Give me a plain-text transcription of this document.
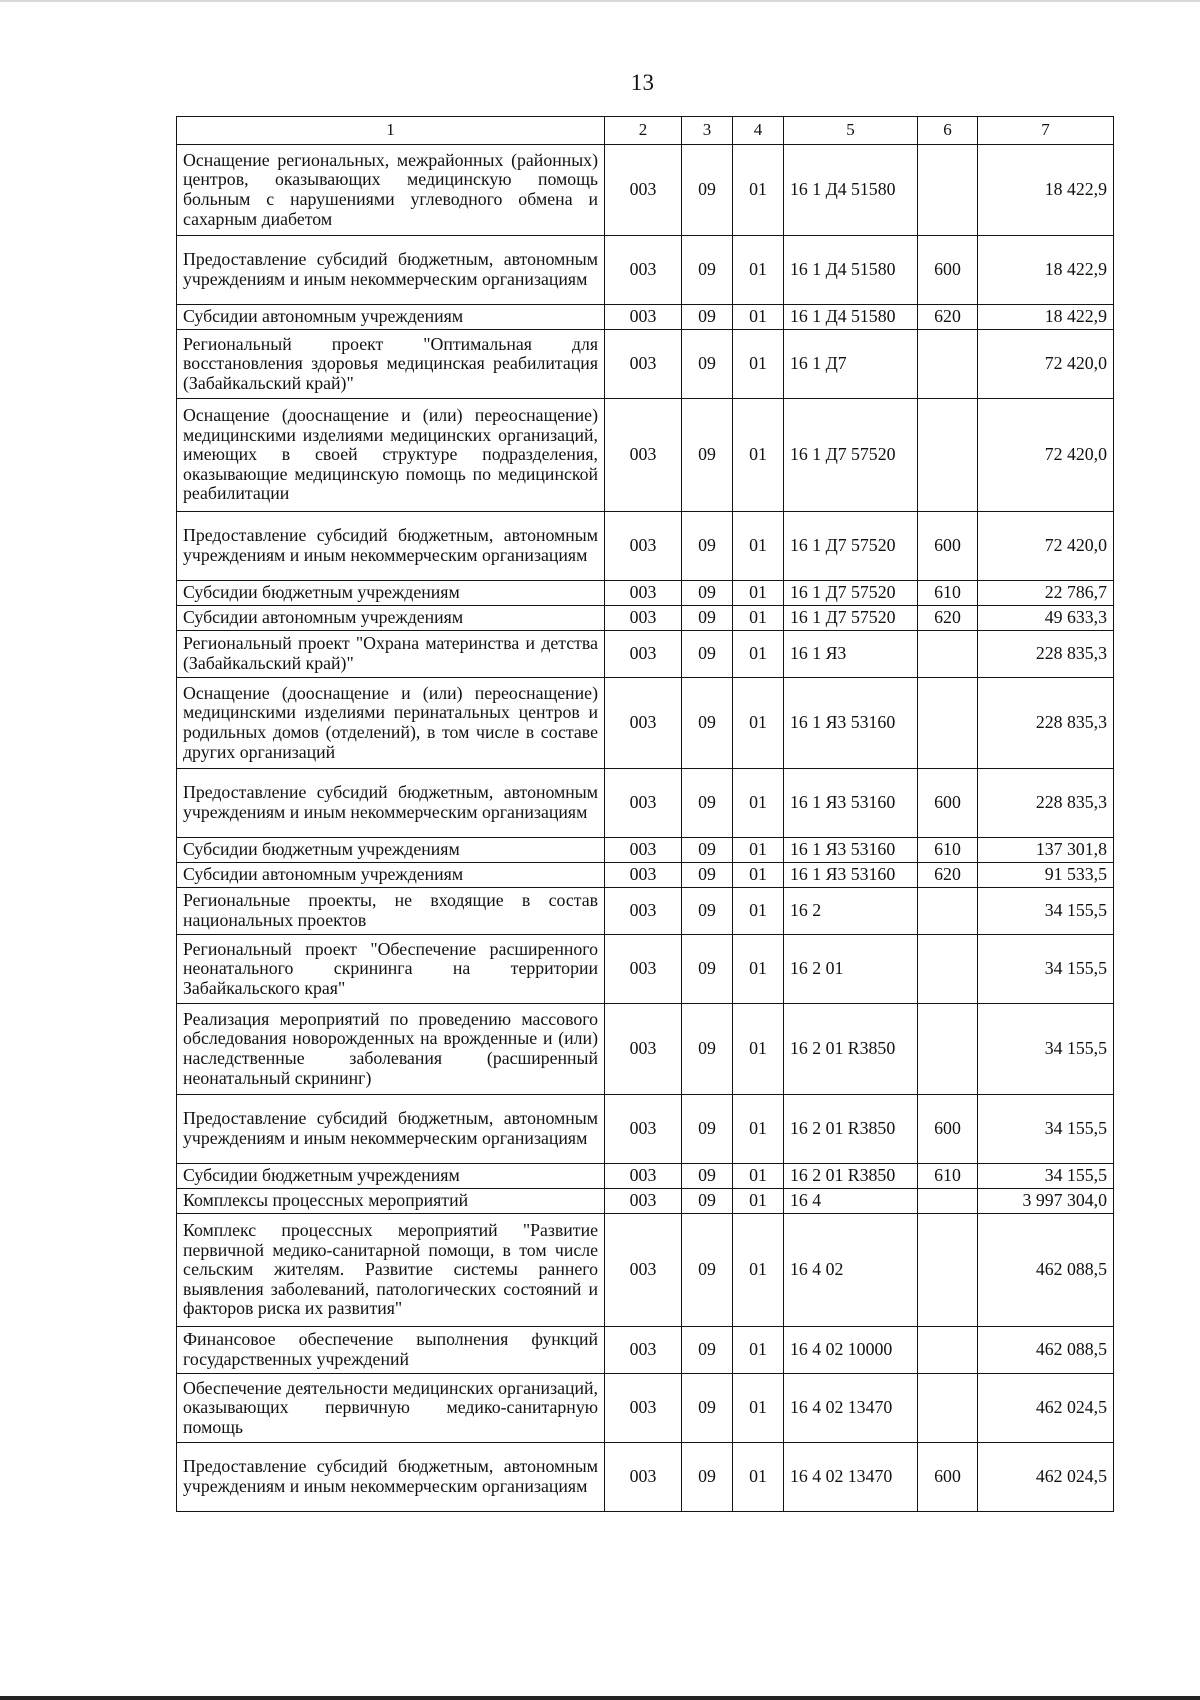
13
1	2	3	4	5	6	7
Оснащение региональных, межрайонных (районных) центров, оказывающих медицинскую помощь больным с нарушениями углеводного обмена и сахарным диабетом	003	09	01	16 1 Д4 51580		18 422,9
Предоставление субсидий бюджетным, автономным учреждениям и иным некоммерческим организациям	003	09	01	16 1 Д4 51580	600	18 422,9
Субсидии автономным учреждениям	003	09	01	16 1 Д4 51580	620	18 422,9
Региональный проект "Оптимальная для восстановления здоровья медицинская реабилитация (Забайкальский край)"	003	09	01	16 1 Д7		72 420,0
Оснащение (дооснащение и (или) переоснащение) медицинскими изделиями медицинских организаций, имеющих в своей структуре подразделения, оказывающие медицинскую помощь по медицинской реабилитации	003	09	01	16 1 Д7 57520		72 420,0
Предоставление субсидий бюджетным, автономным учреждениям и иным некоммерческим организациям	003	09	01	16 1 Д7 57520	600	72 420,0
Субсидии бюджетным учреждениям	003	09	01	16 1 Д7 57520	610	22 786,7
Субсидии автономным учреждениям	003	09	01	16 1 Д7 57520	620	49 633,3
Региональный проект "Охрана материнства и детства (Забайкальский край)"	003	09	01	16 1 Я3		228 835,3
Оснащение (дооснащение и (или) переоснащение) медицинскими изделиями перинатальных центров и родильных домов (отделений), в том числе в составе других организаций	003	09	01	16 1 Я3 53160		228 835,3
Предоставление субсидий бюджетным, автономным учреждениям и иным некоммерческим организациям	003	09	01	16 1 Я3 53160	600	228 835,3
Субсидии бюджетным учреждениям	003	09	01	16 1 Я3 53160	610	137 301,8
Субсидии автономным учреждениям	003	09	01	16 1 Я3 53160	620	91 533,5
Региональные проекты, не входящие в состав национальных проектов	003	09	01	16 2		34 155,5
Региональный проект "Обеспечение расширенного неонатального скрининга на территории Забайкальского края"	003	09	01	16 2 01		34 155,5
Реализация мероприятий по проведению массового обследования новорожденных на врожденные и (или) наследственные заболевания (расширенный неонатальный скрининг)	003	09	01	16 2 01 R3850		34 155,5
Предоставление субсидий бюджетным, автономным учреждениям и иным некоммерческим организациям	003	09	01	16 2 01 R3850	600	34 155,5
Субсидии бюджетным учреждениям	003	09	01	16 2 01 R3850	610	34 155,5
Комплексы процессных мероприятий	003	09	01	16 4		3 997 304,0
Комплекс процессных мероприятий "Развитие первичной медико-санитарной помощи, в том числе сельским жителям. Развитие системы раннего выявления заболеваний, патологических состояний и факторов риска их развития"	003	09	01	16 4 02		462 088,5
Финансовое обеспечение выполнения функций государственных учреждений	003	09	01	16 4 02 10000		462 088,5
Обеспечение деятельности медицинских организаций, оказывающих первичную медико-санитарную помощь	003	09	01	16 4 02 13470		462 024,5
Предоставление субсидий бюджетным, автономным учреждениям и иным некоммерческим организациям	003	09	01	16 4 02 13470	600	462 024,5
